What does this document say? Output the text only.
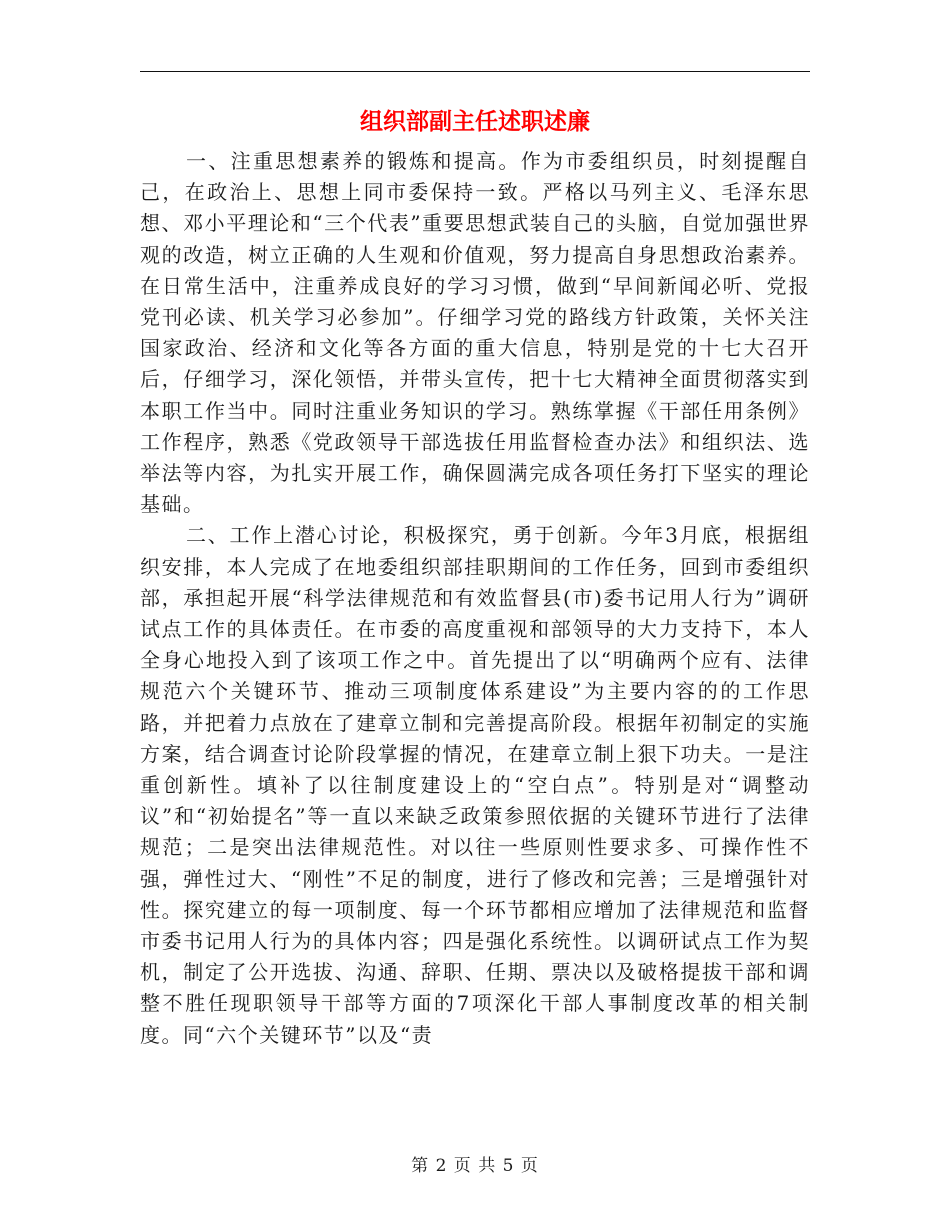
组织部副主任述职述廉

一、注重思想素养的锻炼和提高。作为市委组织员，时刻提醒自己，在政治上、思想上同市委保持一致。严格以马列主义、毛泽东思想、邓小平理论和“三个代表”重要思想武装自己的头脑，自觉加强世界观的改造，树立正确的人生观和价值观，努力提高自身思想政治素养。在日常生活中，注重养成良好的学习习惯，做到“早间新闻必听、党报党刊必读、机关学习必参加”。仔细学习党的路线方针政策，关怀关注国家政治、经济和文化等各方面的重大信息，特别是党的十七大召开后，仔细学习，深化领悟，并带头宣传，把十七大精神全面贯彻落实到本职工作当中。同时注重业务知识的学习。熟练掌握《干部任用条例》工作程序，熟悉《党政领导干部选拔任用监督检查办法》和组织法、选举法等内容，为扎实开展工作，确保圆满完成各项任务打下坚实的理论基础。

二、工作上潜心讨论，积极探究，勇于创新。今年3月底，根据组织安排，本人完成了在地委组织部挂职期间的工作任务，回到市委组织部，承担起开展“科学法律规范和有效监督县(市)委书记用人行为”调研试点工作的具体责任。在市委的高度重视和部领导的大力支持下，本人全身心地投入到了该项工作之中。首先提出了以“明确两个应有、法律规范六个关键环节、推动三项制度体系建设”为主要内容的的工作思路，并把着力点放在了建章立制和完善提高阶段。根据年初制定的实施方案，结合调查讨论阶段掌握的情况，在建章立制上狠下功夫。一是注重创新性。填补了以往制度建设上的“空白点”。特别是对“调整动议”和“初始提名”等一直以来缺乏政策参照依据的关键环节进行了法律规范；二是突出法律规范性。对以往一些原则性要求多、可操作性不强，弹性过大、“刚性”不足的制度，进行了修改和完善；三是增强针对性。探究建立的每一项制度、每一个环节都相应增加了法律规范和监督市委书记用人行为的具体内容；四是强化系统性。以调研试点工作为契机，制定了公开选拔、沟通、辞职、任期、票决以及破格提拔干部和调整不胜任现职领导干部等方面的7项深化干部人事制度改革的相关制度。同“六个关键环节”以及“责

第 2 页 共 5 页
